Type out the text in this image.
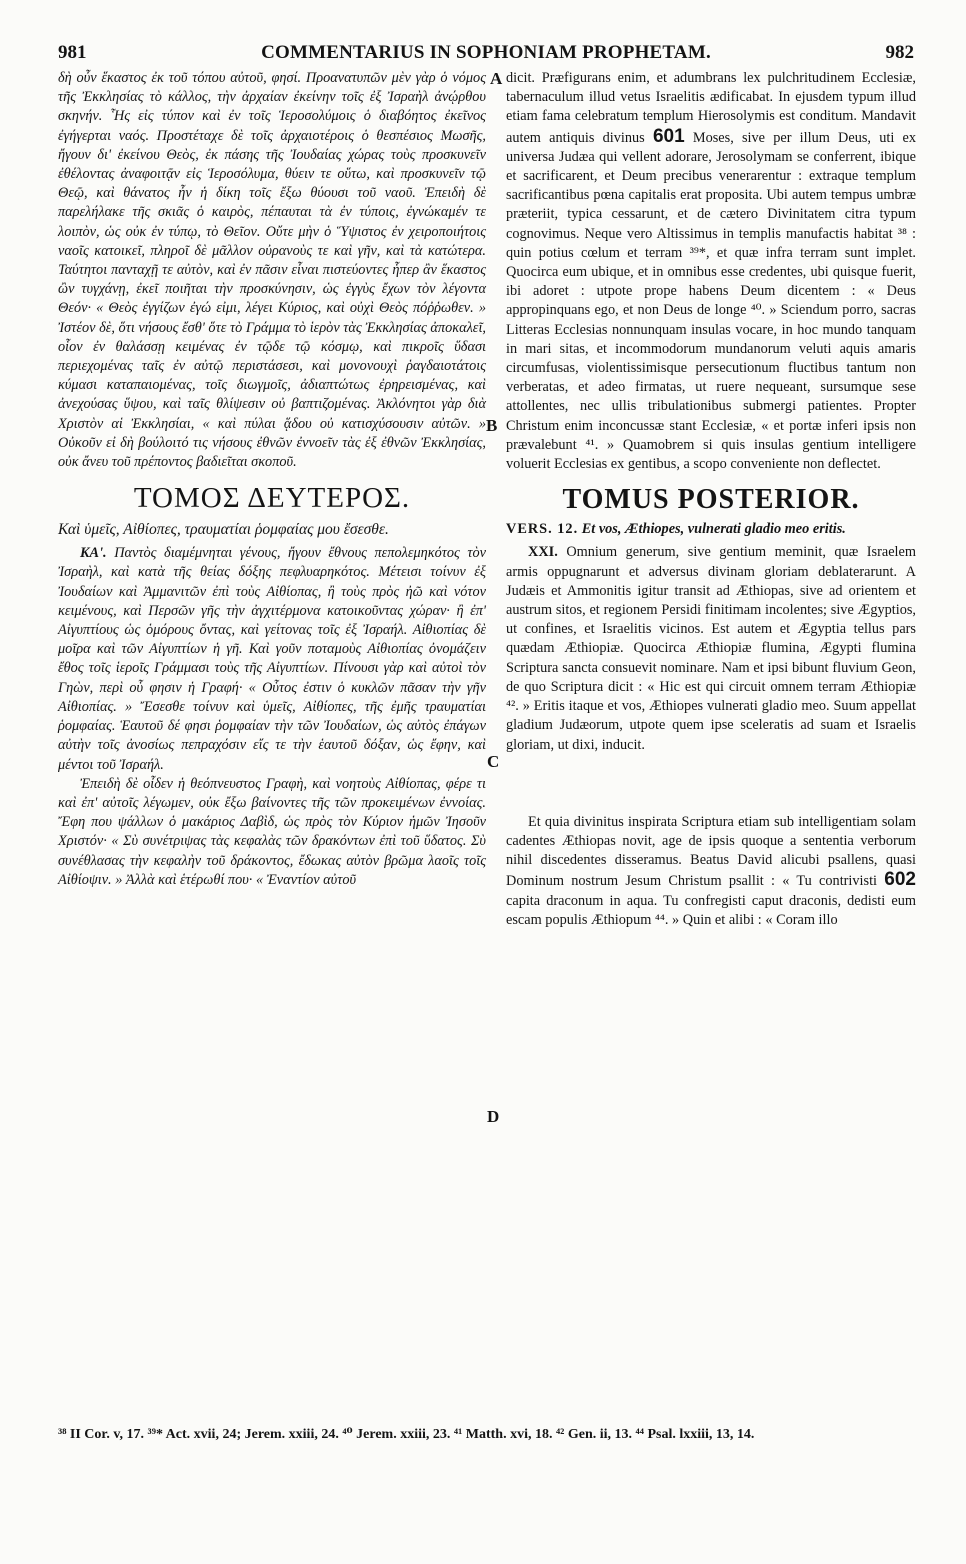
981	COMMENTARIUS IN SOPHONIAM PROPHETAM.	982
A
B
C
D

δὴ οὖν ἕκαστος ἐκ τοῦ τόπου αὐτοῦ, φησί. Προανατυπῶν μὲν γὰρ ὁ νόμος τῆς Ἐκκλησίας τὸ κάλλος, τὴν ἀρχαίαν ἐκείνην τοῖς ἐξ Ἰσραὴλ ἀνῴρθου σκηνήν. Ἧς εἰς τύπον καὶ ἐν τοῖς Ἱεροσολύμοις ὁ διαβόητος ἐκεῖνος ἐγήγερται ναός. Προστέταχε δὲ τοῖς ἀρχαιοτέροις ὁ θεσπέσιος Μωσῆς, ἤγουν δι' ἐκείνου Θεὸς, ἐκ πάσης τῆς Ἰουδαίας χώρας τοὺς προσκυνεῖν ἐθέλοντας ἀναφοιτᾷν εἰς Ἱεροσόλυμα, θύειν τε οὕτω, καὶ προσκυνεῖν τῷ Θεῷ, καὶ θάνατος ἦν ἡ δίκη τοῖς ἔξω θύουσι τοῦ ναοῦ. Ἐπειδὴ δὲ παρελήλακε τῆς σκιᾶς ὁ καιρὸς, πέπαυται τὰ ἐν τύποις, ἐγνώκαμέν τε λοιπὸν, ὡς οὐκ ἐν τύπῳ, τὸ Θεῖον. Οὔτε μὴν ὁ Ὕψιστος ἐν χειροποιήτοις ναοῖς κατοικεῖ, πληροῖ δὲ μᾶλλον οὐρανοὺς τε καὶ γῆν, καὶ τὰ κατώτερα. Ταύτητοι πανταχῇ τε αὐτὸν, καὶ ἐν πᾶσιν εἶναι πιστεύοντες ἧπερ ἂν ἕκαστος ὢν τυγχάνῃ, ἐκεῖ ποιῆται τὴν προσκύνησιν, ὡς ἐγγὺς ἔχων τὸν λέγοντα Θεόν· « Θεὸς ἐγγίζων ἐγώ εἰμι, λέγει Κύριος, καὶ οὐχὶ Θεὸς πόῤῥωθεν. » Ἰστέον δὲ, ὅτι νήσους ἔσθ' ὅτε τὸ Γράμμα τὸ ἱερὸν τὰς Ἐκκλησίας ἀποκαλεῖ, οἷον ἐν θαλάσσῃ κειμένας ἐν τῷδε τῷ κόσμῳ, καὶ πικροῖς ὕδασι περιεχομένας ταῖς ἐν αὐτῷ περιστάσεσι, καὶ μονονουχὶ ῥαγδαιοτάτοις κύμασι καταπαιομένας, τοῖς διωγμοῖς, ἀδιαπτώτως ἐρηρεισμένας, καὶ ἀνεχούσας ὕψου, καὶ ταῖς θλίψεσιν οὐ βαπτιζομένας. Ἀκλόνητοι γὰρ διὰ Χριστὸν αἱ Ἐκκλησίαι, « καὶ πύλαι ᾅδου οὐ κατισχύσουσιν αὐτῶν. » Οὐκοῦν εἰ δὴ βούλοιτό τις νήσους ἐθνῶν ἐννοεῖν τὰς ἐξ ἐθνῶν Ἐκκλησίας, οὐκ ἄνευ τοῦ πρέποντος βαδιεῖται σκοποῦ.

ΤΟΜΟΣ ΔΕΥΤΕΡΟΣ.
Καὶ ὑμεῖς, Αἰθίοπες, τραυματίαι ῥομφαίας μου ἔσεσθε.

ΚΑ'. Παντὸς διαμέμνηται γένους, ἤγουν ἔθνους πεπολεμηκότος τὸν Ἰσραὴλ, καὶ κατὰ τῆς θείας δόξης πεφλυαρηκότος. Μέτεισι τοίνυν ἐξ Ἰουδαίων καὶ Ἀμμανιτῶν ἐπὶ τοὺς Αἰθίοπας, ἢ τοὺς πρὸς ἠῶ καὶ νότον κειμένους, καὶ Περσῶν γῆς τὴν ἀγχιτέρμονα κατοικοῦντας χώραν· ἢ ἐπ' Αἰγυπτίους ὡς ὁμόρους ὄντας, καὶ γείτονας τοῖς ἐξ Ἰσραήλ. Αἰθιοπίας δὲ μοῖρα καὶ τῶν Αἰγυπτίων ἡ γῆ. Καὶ γοῦν ποταμοὺς Αἰθιοπίας ὀνομάζειν ἔθος τοῖς ἱεροῖς Γράμμασι τοὺς τῆς Αἰγυπτίων. Πίνουσι γὰρ καὶ αὐτοὶ τὸν Γηὼν, περὶ οὗ φησιν ἡ Γραφή· « Οὗτος ἐστιν ὁ κυκλῶν πᾶσαν τὴν γῆν Αἰθιοπίας. » Ἔσεσθε τοίνυν καὶ ὑμεῖς, Αἰθίοπες, τῆς ἐμῆς τραυματίαι ῥομφαίας. Ἑαυτοῦ δέ φησι ῥομφαίαν τὴν τῶν Ἰουδαίων, ὡς αὐτὸς ἐπάγων αὐτὴν τοῖς ἀνοσίως πεπραχόσιν εἴς τε τὴν ἑαυτοῦ δόξαν, ὡς ἔφην, καὶ μέντοι τοῦ Ἰσραήλ.

Ἐπειδὴ δὲ οἶδεν ἡ θεόπνευστος Γραφὴ, καὶ νοητοὺς Αἰθίοπας, φέρε τι καὶ ἐπ' αὐτοῖς λέγωμεν, οὐκ ἔξω βαίνοντες τῆς τῶν προκειμένων ἐννοίας. Ἔφη που ψάλλων ὁ μακάριος Δαβὶδ, ὡς πρὸς τὸν Κύριον ἡμῶν Ἰησοῦν Χριστόν· « Σὺ συνέτριψας τὰς κεφαλὰς τῶν δρακόντων ἐπὶ τοῦ ὕδατος. Σὺ συνέθλασας τὴν κεφαλὴν τοῦ δράκοντος, ἔδωκας αὐτὸν βρῶμα λαοῖς τοῖς Αἰθίοψιν. » Ἀλλὰ καὶ ἑτέρωθί που· « Ἐναντίον αὐτοῦ

dicit. Præfigurans enim, et adumbrans lex pulchritudinem Ecclesiæ, tabernaculum illud vetus Israelitis ædificabat. In ejusdem typum illud etiam fama celebratum templum Hierosolymis est conditum. Mandavit autem antiquis divinus 601 Moses, sive per illum Deus, uti ex universa Judæa qui vellent adorare, Jerosolymam se conferrent, ibique et sacrificarent, et Deum precibus venerarentur : extraque templum sacrificantibus pœna capitalis erat proposita. Ubi autem tempus umbræ præteriit, typica cessarunt, et de cætero Divinitatem citra typum cognovimus. Neque vero Altissimus in templis manufactis habitat ³⁸ : quin potius cœlum et terram ³⁹*, et quæ infra terram sunt implet. Quocirca eum ubique, et in omnibus esse credentes, ubi quisque fuerit, ibi adoret : utpote prope habens Deum dicentem : « Deus appropinquans ego, et non Deus de longe ⁴⁰. » Sciendum porro, sacras Litteras Ecclesias nonnunquam insulas vocare, in hoc mundo tanquam in mari sitas, et incommodorum mundanorum veluti aquis amaris circumfusas, violentissimisque persecutionum fluctibus tantum non verberatas, et adeo firmatas, ut ruere nequeant, sursumque sese attollentes, nec ullis tribulationibus submergi patientes. Propter Christum enim inconcussæ stant Ecclesiæ, « et portæ inferi ipsis non prævalebunt ⁴¹. » Quamobrem si quis insulas gentium intelligere voluerit Ecclesias ex gentibus, a scopo conveniente non deflectet.

TOMUS POSTERIOR.
VERS. 12. Et vos, Æthiopes, vulnerati gladio meo eritis.

XXI. Omnium generum, sive gentium meminit, quæ Israelem armis oppugnarunt et adversus divinam gloriam deblaterarunt. A Judæis et Ammonitis igitur transit ad Æthiopas, sive ad orientem et austrum sitos, et regionem Persidi finitimam incolentes; sive Ægyptios, ut confines, et Israelitis vicinos. Est autem et Ægyptia tellus pars quædam Æthiopiæ. Quocirca Æthiopiæ flumina, Ægypti flumina Scriptura sancta consuevit nominare. Nam et ipsi bibunt fluvium Geon, de quo Scriptura dicit : « Hic est qui circuit omnem terram Æthiopiæ ⁴². » Eritis itaque et vos, Æthiopes vulnerati gladio meo. Suum appellat gladium Judæorum, utpote quem ipse sceleratis ad suam et Israelis gloriam, ut dixi, inducit.

Et quia divinitus inspirata Scriptura etiam sub intelligentiam solam cadentes Æthiopas novit, age de ipsis quoque a sententia verborum nihil discedentes disseramus. Beatus David alicubi psallens, quasi Dominum nostrum Jesum Christum psallit : « Tu contrivisti 602 capita draconum in aqua. Tu confregisti caput draconis, dedisti eum escam populis Æthiopum ⁴⁴. » Quin et alibi : « Coram illo

³⁸ II Cor. v, 17. ³⁹* Act. xvii, 24; Jerem. xxiii, 24. ⁴⁰ Jerem. xxiii, 23. ⁴¹ Matth. xvi, 18. ⁴² Gen. ii, 13. ⁴⁴ Psal. lxxiii, 13, 14.
